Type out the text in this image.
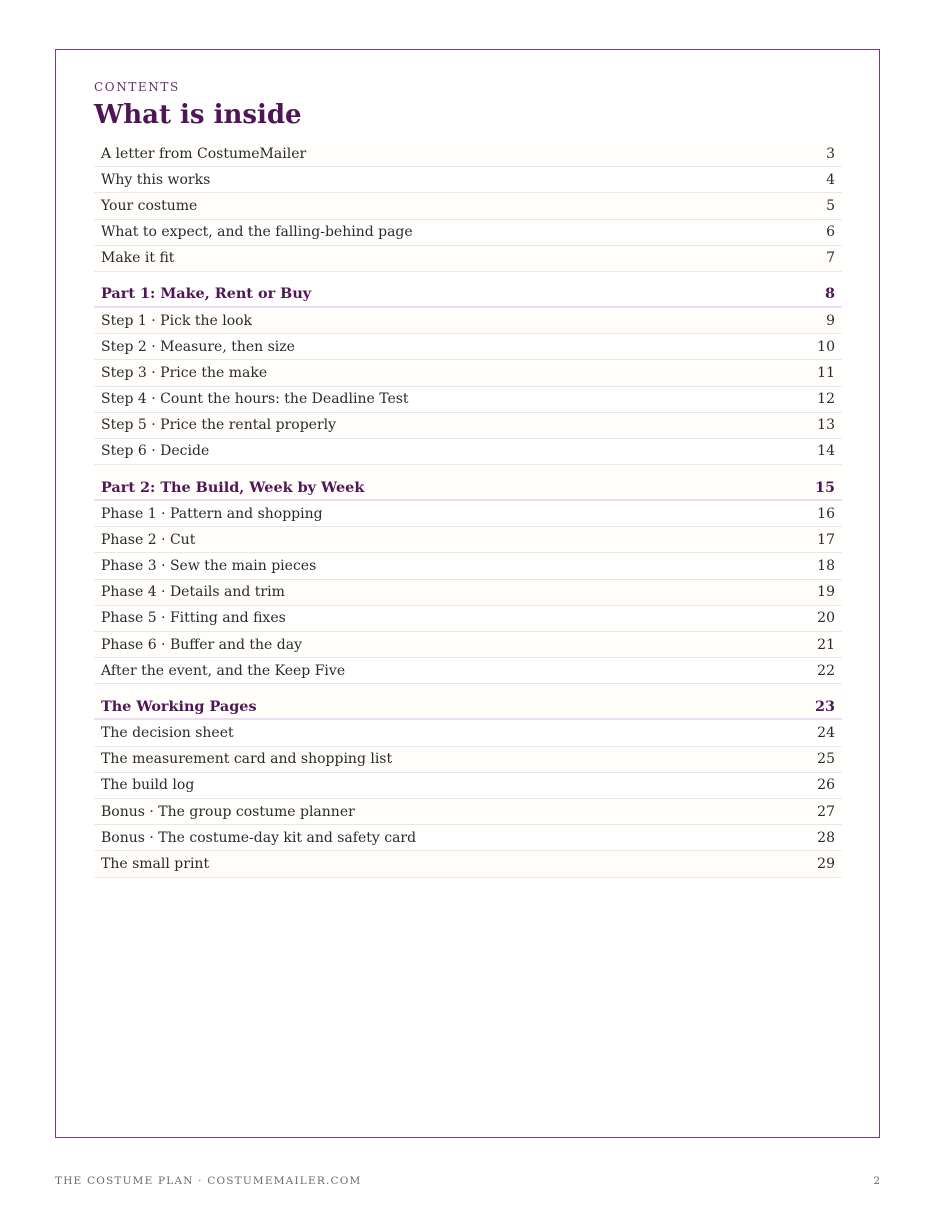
CONTENTS
What is inside
A letter from CostumeMailer	3
Why this works	4
Your costume	5
What to expect, and the falling-behind page	6
Make it fit	7
Part 1: Make, Rent or Buy	8
Step 1 · Pick the look	9
Step 2 · Measure, then size	10
Step 3 · Price the make	11
Step 4 · Count the hours: the Deadline Test	12
Step 5 · Price the rental properly	13
Step 6 · Decide	14
Part 2: The Build, Week by Week	15
Phase 1 · Pattern and shopping	16
Phase 2 · Cut	17
Phase 3 · Sew the main pieces	18
Phase 4 · Details and trim	19
Phase 5 · Fitting and fixes	20
Phase 6 · Buffer and the day	21
After the event, and the Keep Five	22
The Working Pages	23
The decision sheet	24
The measurement card and shopping list	25
The build log	26
Bonus · The group costume planner	27
Bonus · The costume-day kit and safety card	28
The small print	29
THE COSTUME PLAN · COSTUMEMAILER.COM	2
